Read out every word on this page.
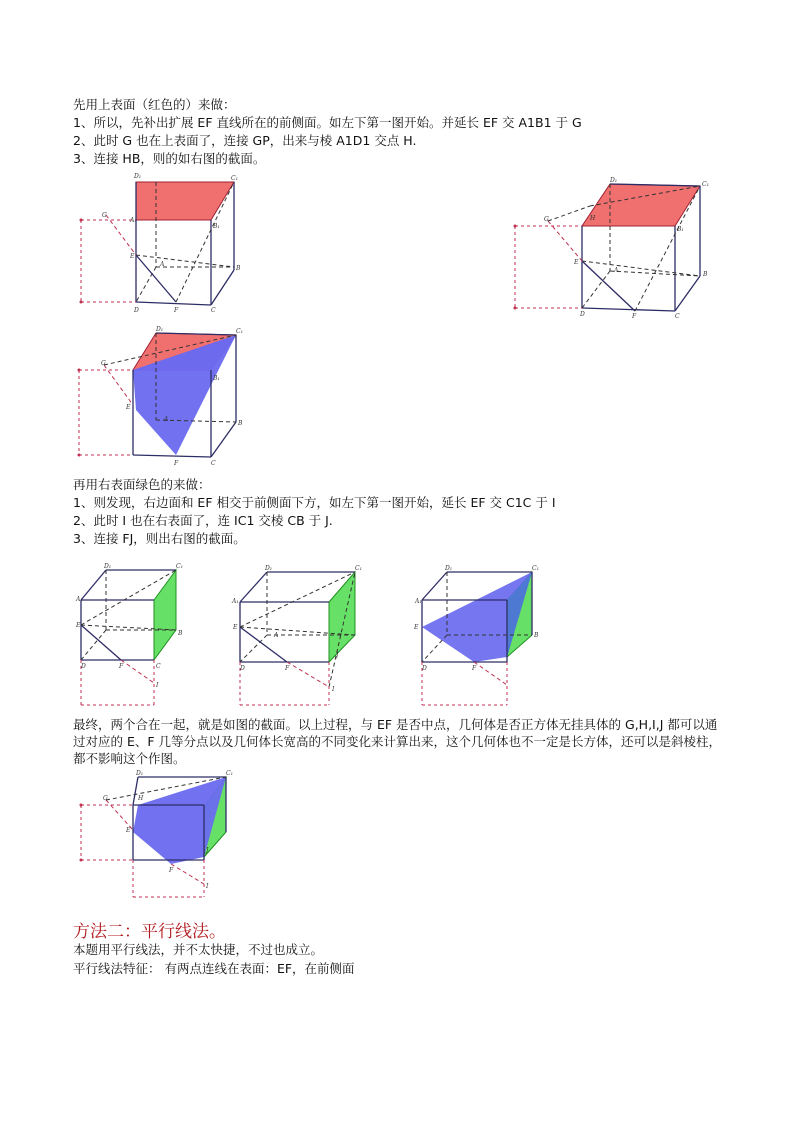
先用上表面（红色的）来做：
1、所以，先补出扩展 EF 直线所在的前侧面。如左下第一图开始。并延长 EF 交 A1B1 于 G
2、此时 G 也在上表面了，连接 GP，出来与棱 A1D1 交点 H.
3、连接 HB，则的如右图的截面。
D₁	C₁
G
A₁
B₁
E
A
B
D	F	C
D₁
C₁
G	H
B₁
E
A
B
D	F	C
D₁	C₁
G
B₁
E
A
B
F	C
再用右表面绿色的来做：
1、则发现，右边面和 EF 相交于前侧面下方，如左下第一图开始，延长 EF 交 C1C 于 I
2、此时 I 也在右表面了，连 IC1 交棱 CB 于 J.
3、连接 FJ，则出右图的截面。
D₁	C₁
A₁
E
B
D	F	C
I
D₁	C₁
A₁
E
A
J
D	F
I
D₁	C₁
A₁
E
B
D	F
最终，两个合在一起，就是如图的截面。以上过程，与 EF 是否中点，几何体是否正方体无挂具体的 G,H,I,J 都可以通过对应的 E、F 几等分点以及几何体长宽高的不同变化来计算出来，这个几何体也不一定是长方体，还可以是斜棱柱，都不影响这个作图。
D₁	C₁
G	H
E
J
F
I
方法二：平行线法。
本题用平行线法，并不太快捷，不过也成立。
平行线法特征： 有两点连线在表面：EF，在前侧面
